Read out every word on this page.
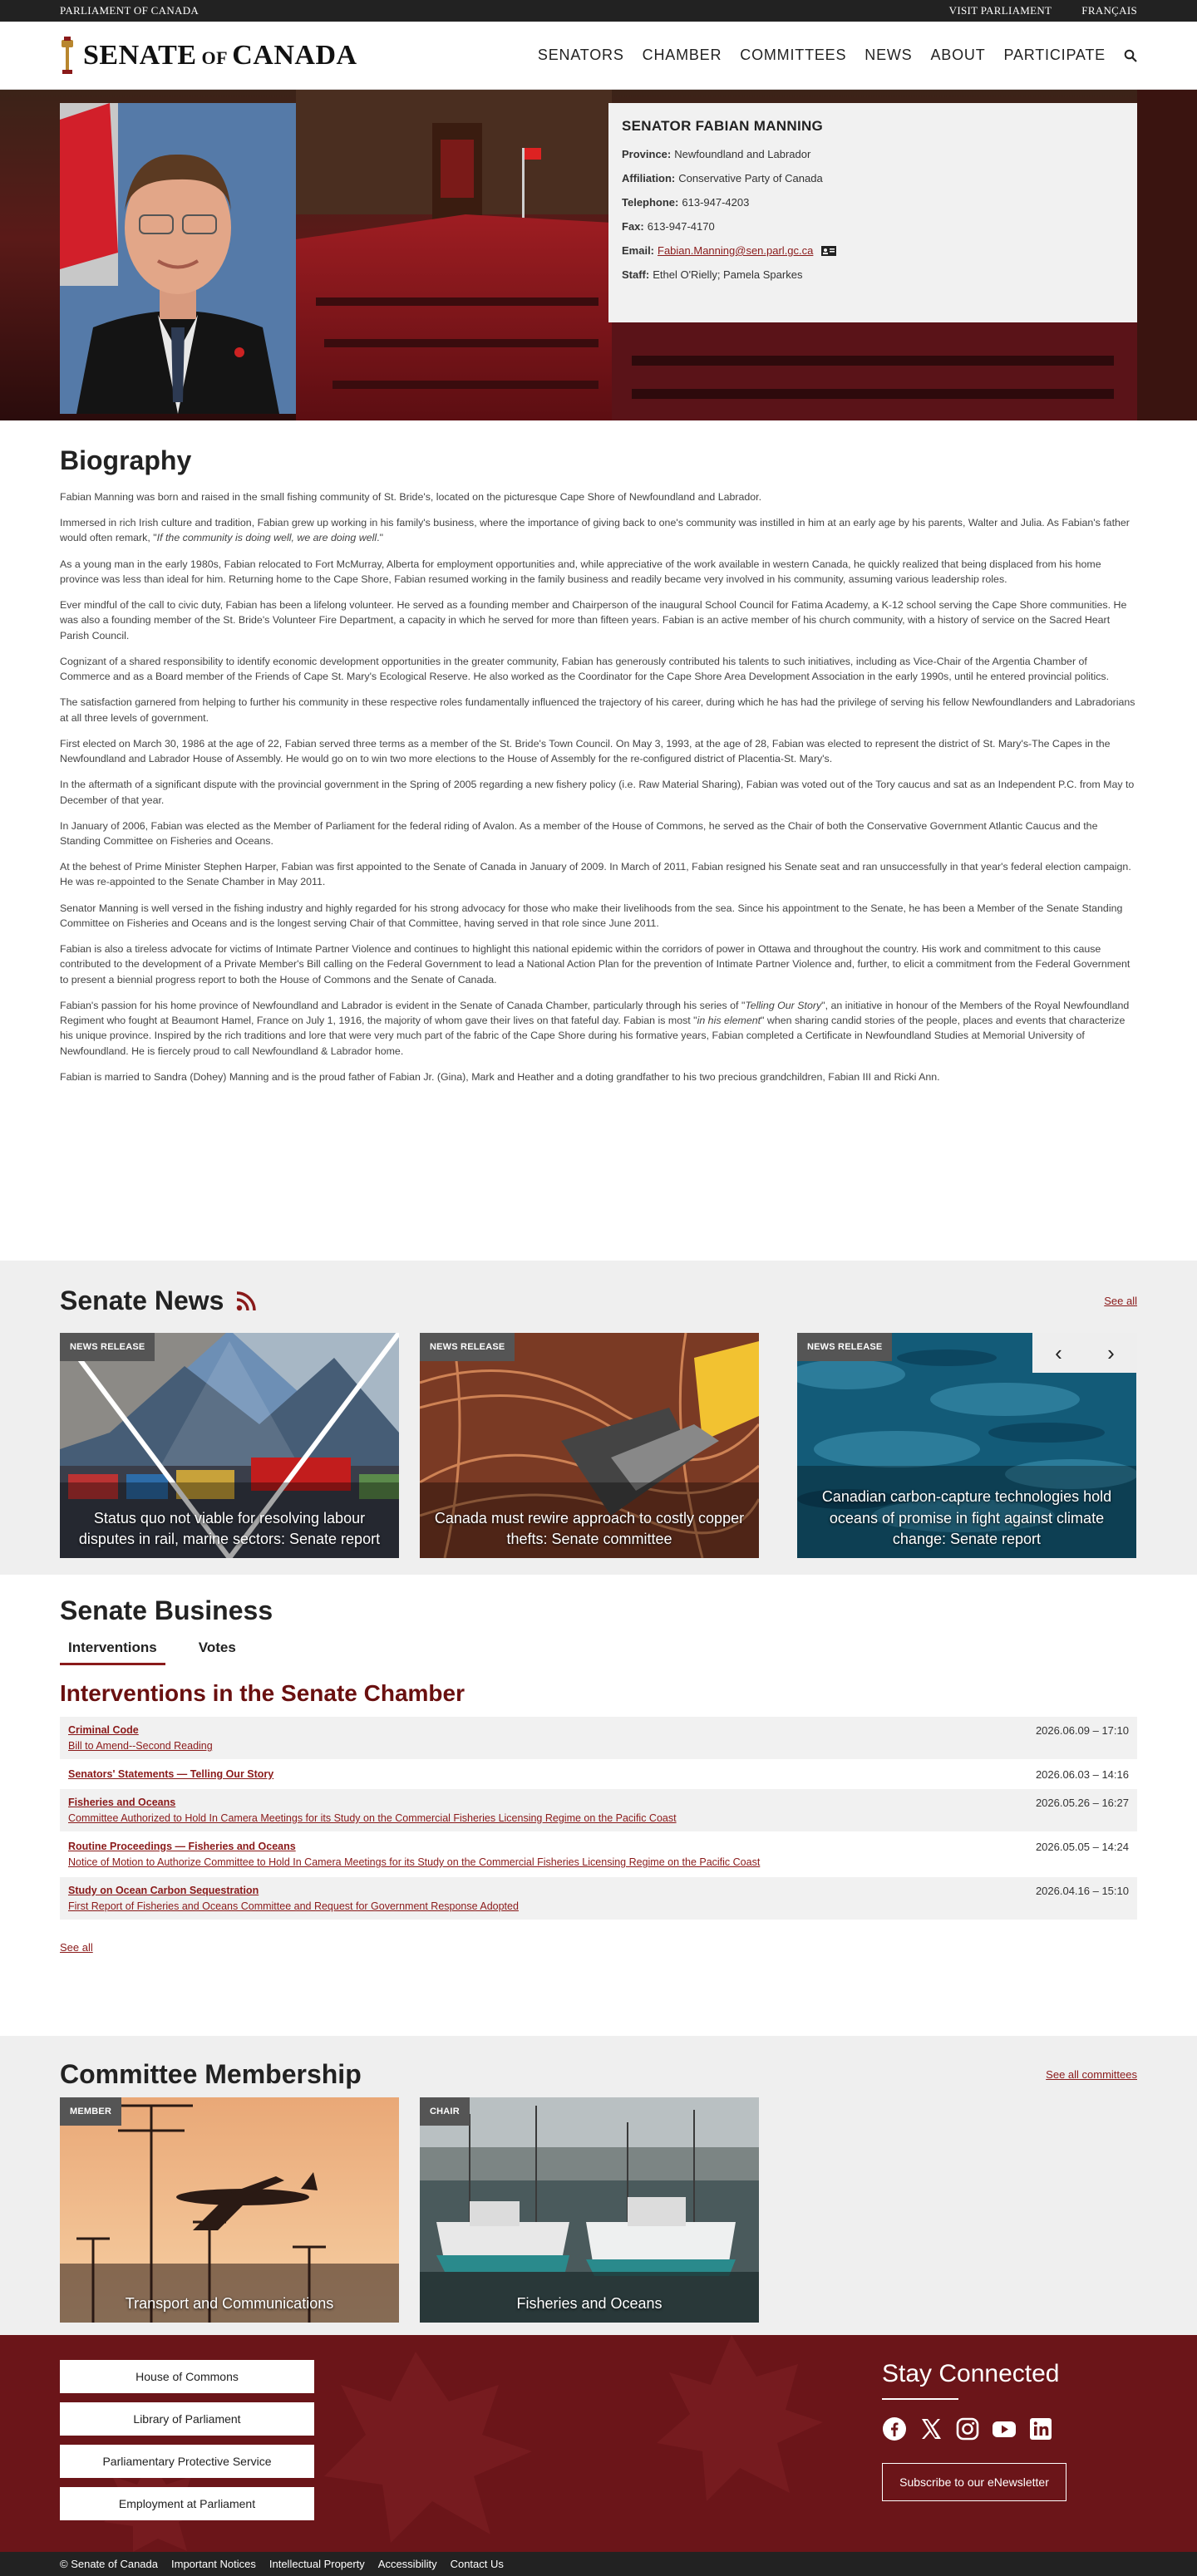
PARLIAMENT OF CANADA	VISIT PARLIAMENT	FRANÇAIS
SENATE OF CANADA	SENATORS CHAMBER COMMITTEES NEWS ABOUT PARTICIPATE
SENATOR FABIAN MANNING
Province: Newfoundland and Labrador
Affiliation: Conservative Party of Canada
Telephone: 613-947-4203
Fax: 613-947-4170
Email: Fabian.Manning@sen.parl.gc.ca
Staff: Ethel O'Rielly; Pamela Sparkes
Biography

Fabian Manning was born and raised in the small fishing community of St. Bride's, located on the picturesque Cape Shore of Newfoundland and Labrador.

Immersed in rich Irish culture and tradition, Fabian grew up working in his family's business, where the importance of giving back to one's community was instilled in him at an early age by his parents, Walter and Julia. As Fabian's father would often remark, "If the community is doing well, we are doing well."

As a young man in the early 1980s, Fabian relocated to Fort McMurray, Alberta for employment opportunities and, while appreciative of the work available in western Canada, he quickly realized that being displaced from his home province was less than ideal for him. Returning home to the Cape Shore, Fabian resumed working in the family business and readily became very involved in his community, assuming various leadership roles.

Ever mindful of the call to civic duty, Fabian has been a lifelong volunteer. He served as a founding member and Chairperson of the inaugural School Council for Fatima Academy, a K-12 school serving the Cape Shore communities. He was also a founding member of the St. Bride's Volunteer Fire Department, a capacity in which he served for more than fifteen years. Fabian is an active member of his church community, with a history of service on the Sacred Heart Parish Council.

Cognizant of a shared responsibility to identify economic development opportunities in the greater community, Fabian has generously contributed his talents to such initiatives, including as Vice-Chair of the Argentia Chamber of Commerce and as a Board member of the Friends of Cape St. Mary's Ecological Reserve. He also worked as the Coordinator for the Cape Shore Area Development Association in the early 1990s, until he entered provincial politics.

The satisfaction garnered from helping to further his community in these respective roles fundamentally influenced the trajectory of his career, during which he has had the privilege of serving his fellow Newfoundlanders and Labradorians at all three levels of government.

First elected on March 30, 1986 at the age of 22, Fabian served three terms as a member of the St. Bride's Town Council. On May 3, 1993, at the age of 28, Fabian was elected to represent the district of St. Mary's-The Capes in the Newfoundland and Labrador House of Assembly. He would go on to win two more elections to the House of Assembly for the re-configured district of Placentia-St. Mary's.

In the aftermath of a significant dispute with the provincial government in the Spring of 2005 regarding a new fishery policy (i.e. Raw Material Sharing), Fabian was voted out of the Tory caucus and sat as an Independent P.C. from May to December of that year.

In January of 2006, Fabian was elected as the Member of Parliament for the federal riding of Avalon. As a member of the House of Commons, he served as the Chair of both the Conservative Government Atlantic Caucus and the Standing Committee on Fisheries and Oceans.

At the behest of Prime Minister Stephen Harper, Fabian was first appointed to the Senate of Canada in January of 2009. In March of 2011, Fabian resigned his Senate seat and ran unsuccessfully in that year's federal election campaign. He was re-appointed to the Senate Chamber in May 2011.

Senator Manning is well versed in the fishing industry and highly regarded for his strong advocacy for those who make their livelihoods from the sea. Since his appointment to the Senate, he has been a Member of the Senate Standing Committee on Fisheries and Oceans and is the longest serving Chair of that Committee, having served in that role since June 2011.

Fabian is also a tireless advocate for victims of Intimate Partner Violence and continues to highlight this national epidemic within the corridors of power in Ottawa and throughout the country. His work and commitment to this cause contributed to the development of a Private Member's Bill calling on the Federal Government to lead a National Action Plan for the prevention of Intimate Partner Violence and, further, to elicit a commitment from the Federal Government to present a biennial progress report to both the House of Commons and the Senate of Canada.

Fabian's passion for his home province of Newfoundland and Labrador is evident in the Senate of Canada Chamber, particularly through his series of "Telling Our Story", an initiative in honour of the Members of the Royal Newfoundland Regiment who fought at Beaumont Hamel, France on July 1, 1916, the majority of whom gave their lives on that fateful day. Fabian is most "in his element" when sharing candid stories of the people, places and events that characterize his unique province. Inspired by the rich traditions and lore that were very much part of the fabric of the Cape Shore during his formative years, Fabian completed a Certificate in Newfoundland Studies at Memorial University of Newfoundland. He is fiercely proud to call Newfoundland & Labrador home.

Fabian is married to Sandra (Dohey) Manning and is the proud father of Fabian Jr. (Gina), Mark and Heather and a doting grandfather to his two precious grandchildren, Fabian III and Ricki Ann.

Senate News	See all
NEWS RELEASE
Status quo not viable for resolving labour disputes in rail, marine sectors: Senate report
NEWS RELEASE
Canada must rewire approach to costly copper thefts: Senate committee
NEWS RELEASE
Canadian carbon-capture technologies hold oceans of promise in fight against climate change: Senate report
‹	›
Senate Business
Interventions	Votes
Interventions in the Senate Chamber
Criminal Code
Bill to Amend--Second Reading
2026.06.09 – 17:10
Senators' Statements — Telling Our Story	2026.06.03 – 14:16
Fisheries and Oceans
Committee Authorized to Hold In Camera Meetings for its Study on the Commercial Fisheries Licensing Regime on the Pacific Coast
2026.05.26 – 16:27
Routine Proceedings — Fisheries and Oceans
Notice of Motion to Authorize Committee to Hold In Camera Meetings for its Study on the Commercial Fisheries Licensing Regime on the Pacific Coast
2026.05.05 – 14:24
Study on Ocean Carbon Sequestration
First Report of Fisheries and Oceans Committee and Request for Government Response Adopted
2026.04.16 – 15:10
See all
Committee Membership	See all committees
MEMBER
Transport and Communications
CHAIR
Fisheries and Oceans
House of Commons
Library of Parliament
Parliamentary Protective Service
Employment at Parliament
Stay Connected
Subscribe to our eNewsletter
© Senate of Canada Important Notices Intellectual Property Accessibility Contact Us
